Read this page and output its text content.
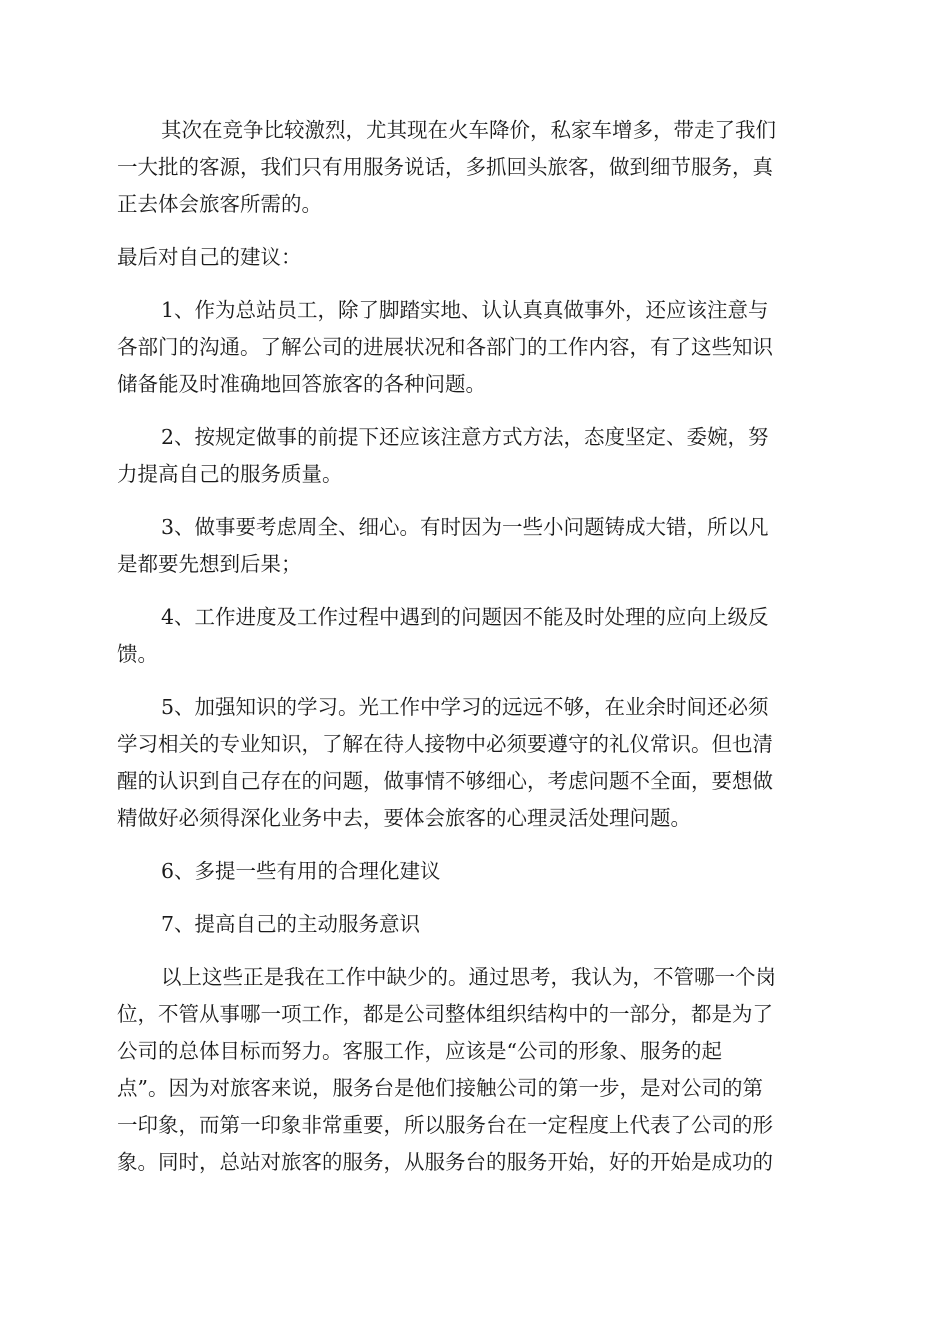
其次在竞争比较激烈，尤其现在火车降价，私家车增多，带走了我们
一大批的客源，我们只有用服务说话，多抓回头旅客，做到细节服务，真
正去体会旅客所需的。
最后对自己的建议：
1、作为总站员工，除了脚踏实地、认认真真做事外，还应该注意与
各部门的沟通。了解公司的进展状况和各部门的工作内容，有了这些知识
储备能及时准确地回答旅客的各种问题。
2、按规定做事的前提下还应该注意方式方法，态度坚定、委婉，努
力提高自己的服务质量。
3、做事要考虑周全、细心。有时因为一些小问题铸成大错，所以凡
是都要先想到后果；
4、工作进度及工作过程中遇到的问题因不能及时处理的应向上级反
馈。
5、加强知识的学习。光工作中学习的远远不够，在业余时间还必须
学习相关的专业知识，了解在待人接物中必须要遵守的礼仪常识。但也清
醒的认识到自己存在的问题，做事情不够细心，考虑问题不全面，要想做
精做好必须得深化业务中去，要体会旅客的心理灵活处理问题。
6、多提一些有用的合理化建议
7、提高自己的主动服务意识
以上这些正是我在工作中缺少的。通过思考，我认为，不管哪一个岗
位，不管从事哪一项工作，都是公司整体组织结构中的一部分，都是为了
公司的总体目标而努力。客服工作，应该是“公司的形象、服务的起
点”。因为对旅客来说，服务台是他们接触公司的第一步，是对公司的第
一印象，而第一印象非常重要，所以服务台在一定程度上代表了公司的形
象。同时，总站对旅客的服务，从服务台的服务开始，好的开始是成功的
